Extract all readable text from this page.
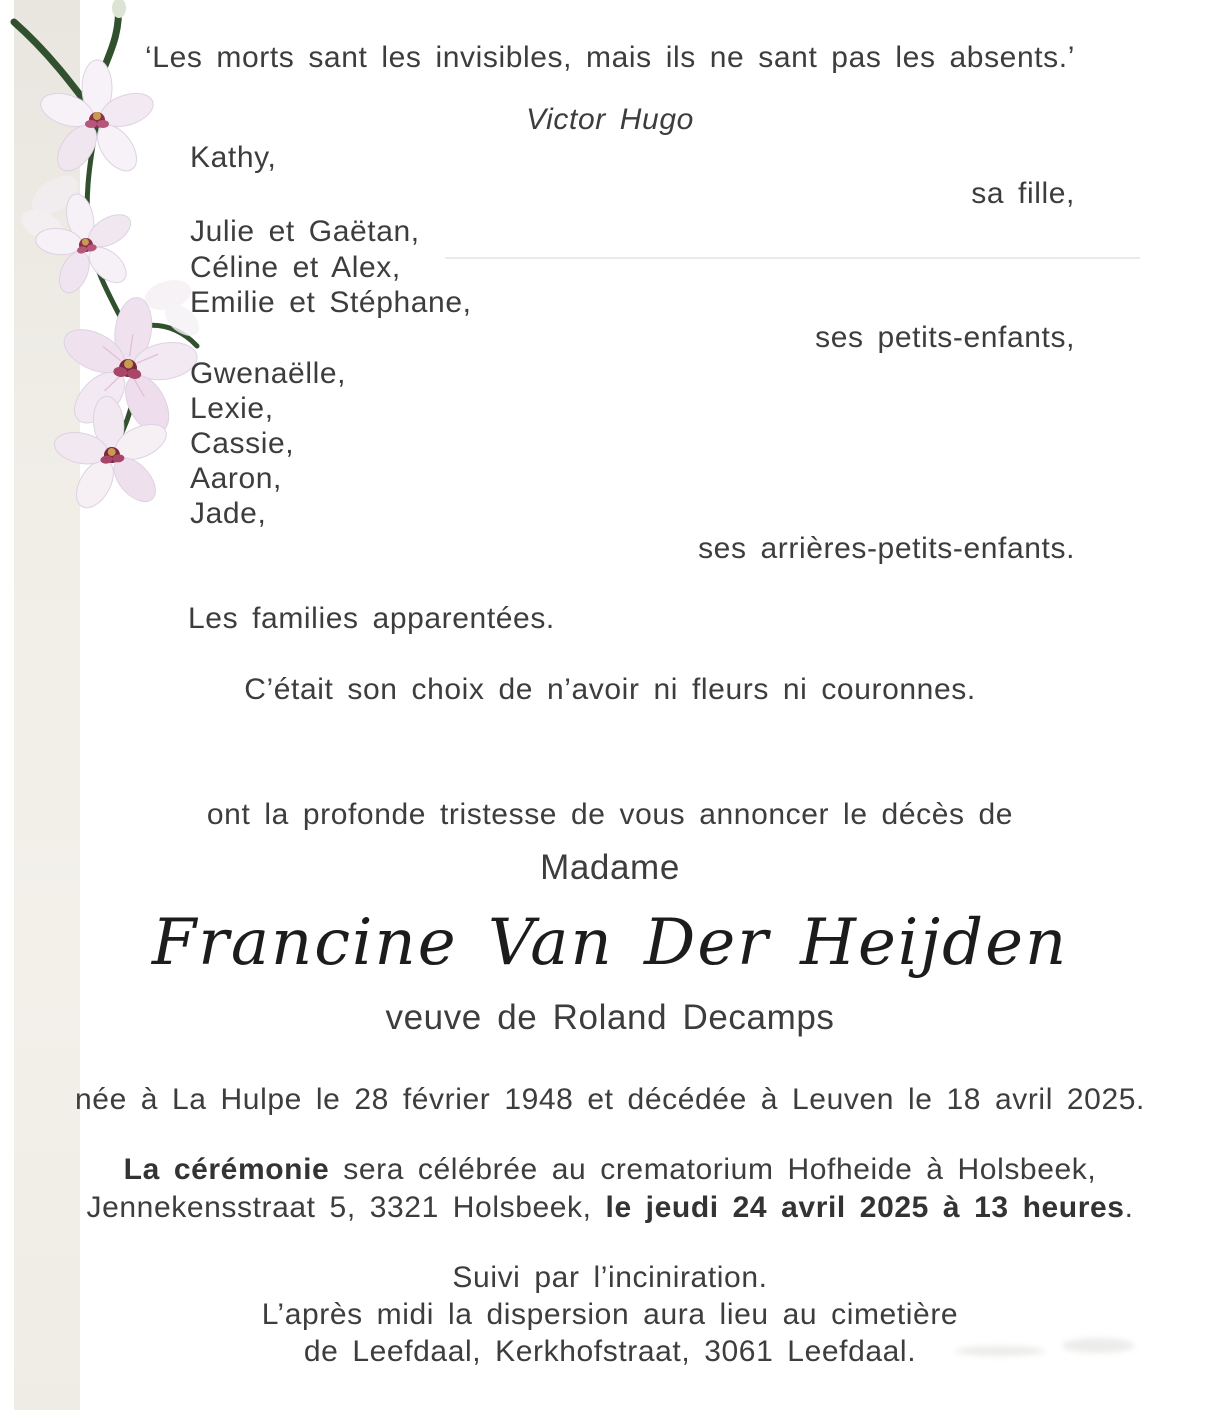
‘Les morts sant les invisibles, mais ils ne sant pas les absents.’
Victor Hugo
Kathy,
sa fille,
Julie et Gaëtan,
Céline et Alex,
Emilie et Stéphane,
ses petits-enfants,
Gwenaëlle,
Lexie,
Cassie,
Aaron,
Jade,
ses arrières-petits-enfants.
Les families apparentées.
C’était son choix de n’avoir ni fleurs ni couronnes.
ont la profonde tristesse de vous annoncer le décès de
Madame
Francine Van Der Heijden
veuve de Roland Decamps
née à La Hulpe le 28 février 1948 et décédée à Leuven le 18 avril 2025.
La cérémonie sera célébrée au crematorium Hofheide à Holsbeek,
Jennekensstraat 5, 3321 Holsbeek, le jeudi 24 avril 2025 à 13 heures.
Suivi par l’inciniration.
L’après midi la dispersion aura lieu au cimetière
de Leefdaal, Kerkhofstraat, 3061 Leefdaal.
